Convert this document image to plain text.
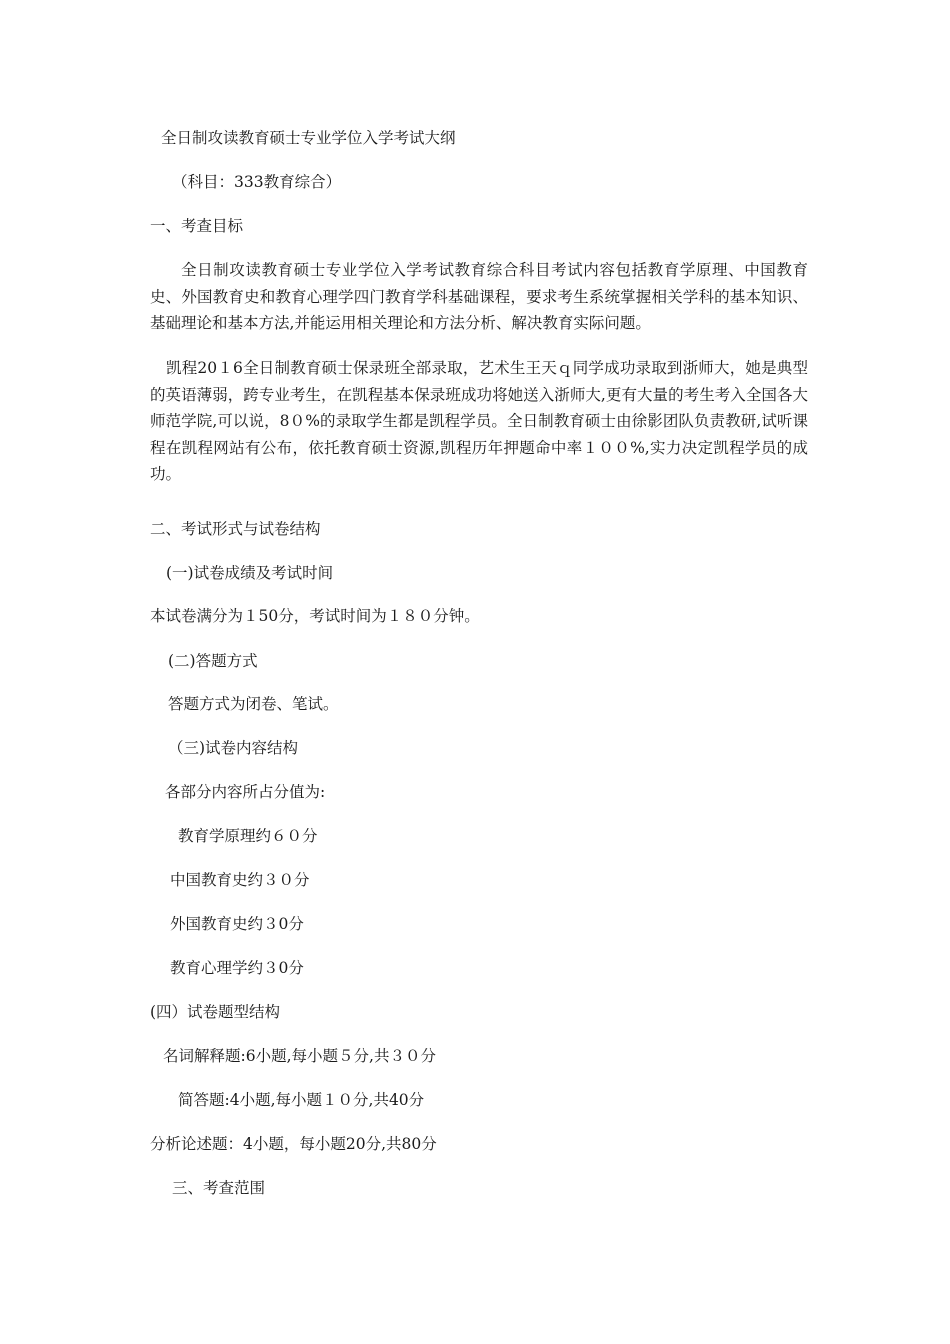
全日制攻读教育硕士专业学位入学考试大纲
（科目：333教育综合）
一、考查目标
全日制攻读教育硕士专业学位入学考试教育综合科目考试内容包括教育学原理、中国教育史、外国教育史和教育心理学四门教育学科基础课程，要求考生系统掌握相关学科的基本知识、基础理论和基本方法,并能运用相关理论和方法分析、解决教育实际问题。
凯程20１6全日制教育硕士保录班全部录取，艺术生王天ｑ同学成功录取到浙师大，她是典型的英语薄弱，跨专业考生，在凯程基本保录班成功将她送入浙师大,更有大量的考生考入全国各大师范学院,可以说，8０%的录取学生都是凯程学员。全日制教育硕士由徐影团队负责教研,试听课程在凯程网站有公布，依托教育硕士资源,凯程历年押题命中率１００%,实力决定凯程学员的成功。
二、考试形式与试卷结构
(一)试卷成绩及考试时间
本试卷满分为１50分，考试时间为１８０分钟。
(二)答题方式
答题方式为闭卷、笔试。
（三)试卷内容结构
各部分内容所占分值为:
教育学原理约６０分
中国教育史约３０分
外国教育史约３0分
教育心理学约３0分
(四）试卷题型结构
名词解释题:6小题,每小题５分,共３０分
简答题:4小题,每小题１０分,共40分
分析论述题：4小题，每小题20分,共80分
三、考查范围
